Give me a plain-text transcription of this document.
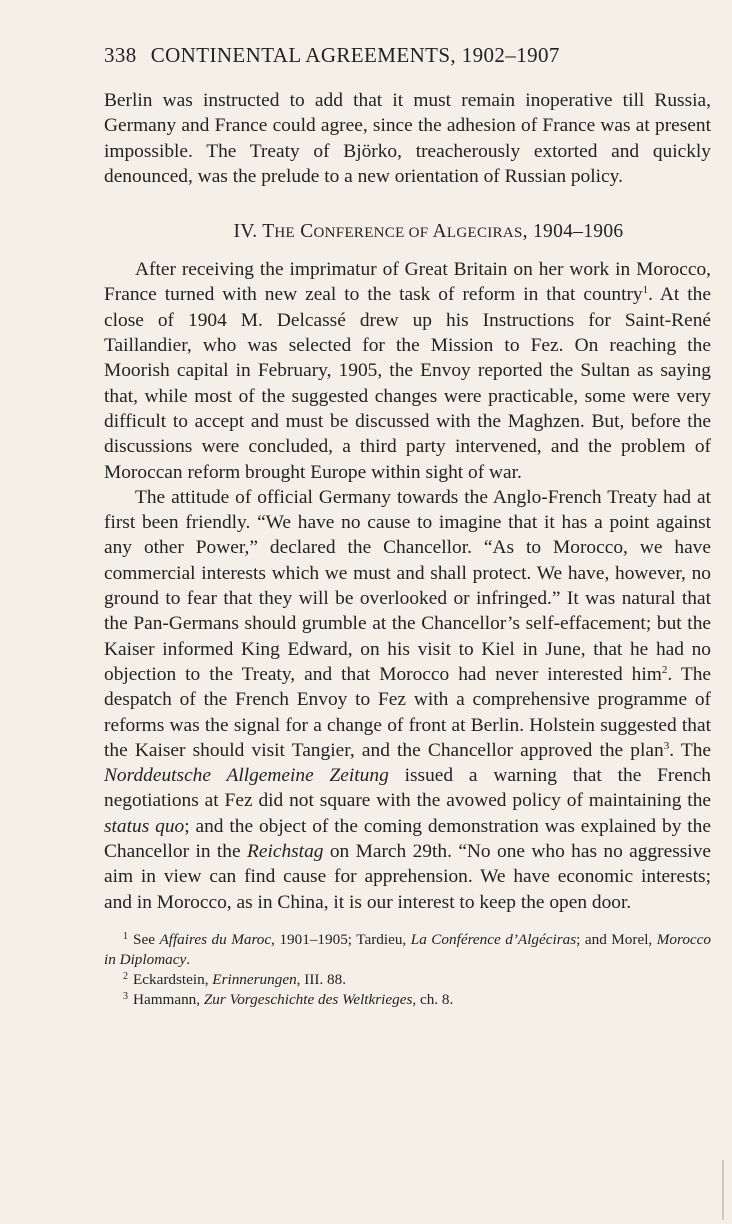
338 CONTINENTAL AGREEMENTS, 1902–1907

Berlin was instructed to add that it must remain inoperative till Russia, Germany and France could agree, since the adhesion of France was at present impossible. The Treaty of Björko, treacherously extorted and quickly denounced, was the prelude to a new orientation of Russian policy.

IV. THE CONFERENCE OF ALGECIRAS, 1904–1906

After receiving the imprimatur of Great Britain on her work in Morocco, France turned with new zeal to the task of reform in that country$^1$. At the close of 1904 M. Delcassé drew up his Instructions for Saint-René Taillandier, who was selected for the Mission to Fez. On reaching the Moorish capital in February, 1905, the Envoy reported the Sultan as saying that, while most of the suggested changes were practicable, some were very difficult to accept and must be discussed with the Maghzen. But, before the discussions were concluded, a third party intervened, and the problem of Moroccan reform brought Europe within sight of war.

The attitude of official Germany towards the Anglo-French Treaty had at first been friendly. “We have no cause to imagine that it has a point against any other Power,” declared the Chancellor. “As to Morocco, we have commercial interests which we must and shall protect. We have, however, no ground to fear that they will be overlooked or infringed.” It was natural that the Pan-Germans should grumble at the Chancellor’s self-effacement; but the Kaiser informed King Edward, on his visit to Kiel in June, that he had no objection to the Treaty, and that Morocco had never interested him$^2$. The despatch of the French Envoy to Fez with a comprehensive programme of reforms was the signal for a change of front at Berlin. Holstein suggested that the Kaiser should visit Tangier, and the Chancellor approved the plan$^3$. The Norddeutsche Allgemeine Zeitung issued a warning that the French negotiations at Fez did not square with the avowed policy of maintaining the status quo; and the object of the coming demonstration was explained by the Chancellor in the Reichstag on March 29th. “No one who has no aggressive aim in view can find cause for apprehension. We have economic interests; and in Morocco, as in China, it is our interest to keep the open door.

$^1$ See Affaires du Maroc, 1901–1905; Tardieu, La Conférence d’Algéciras; and Morel, Morocco in Diplomacy.

$^2$ Eckardstein, Erinnerungen, III. 88.

$^3$ Hammann, Zur Vorgeschichte des Weltkrieges, ch. 8.
